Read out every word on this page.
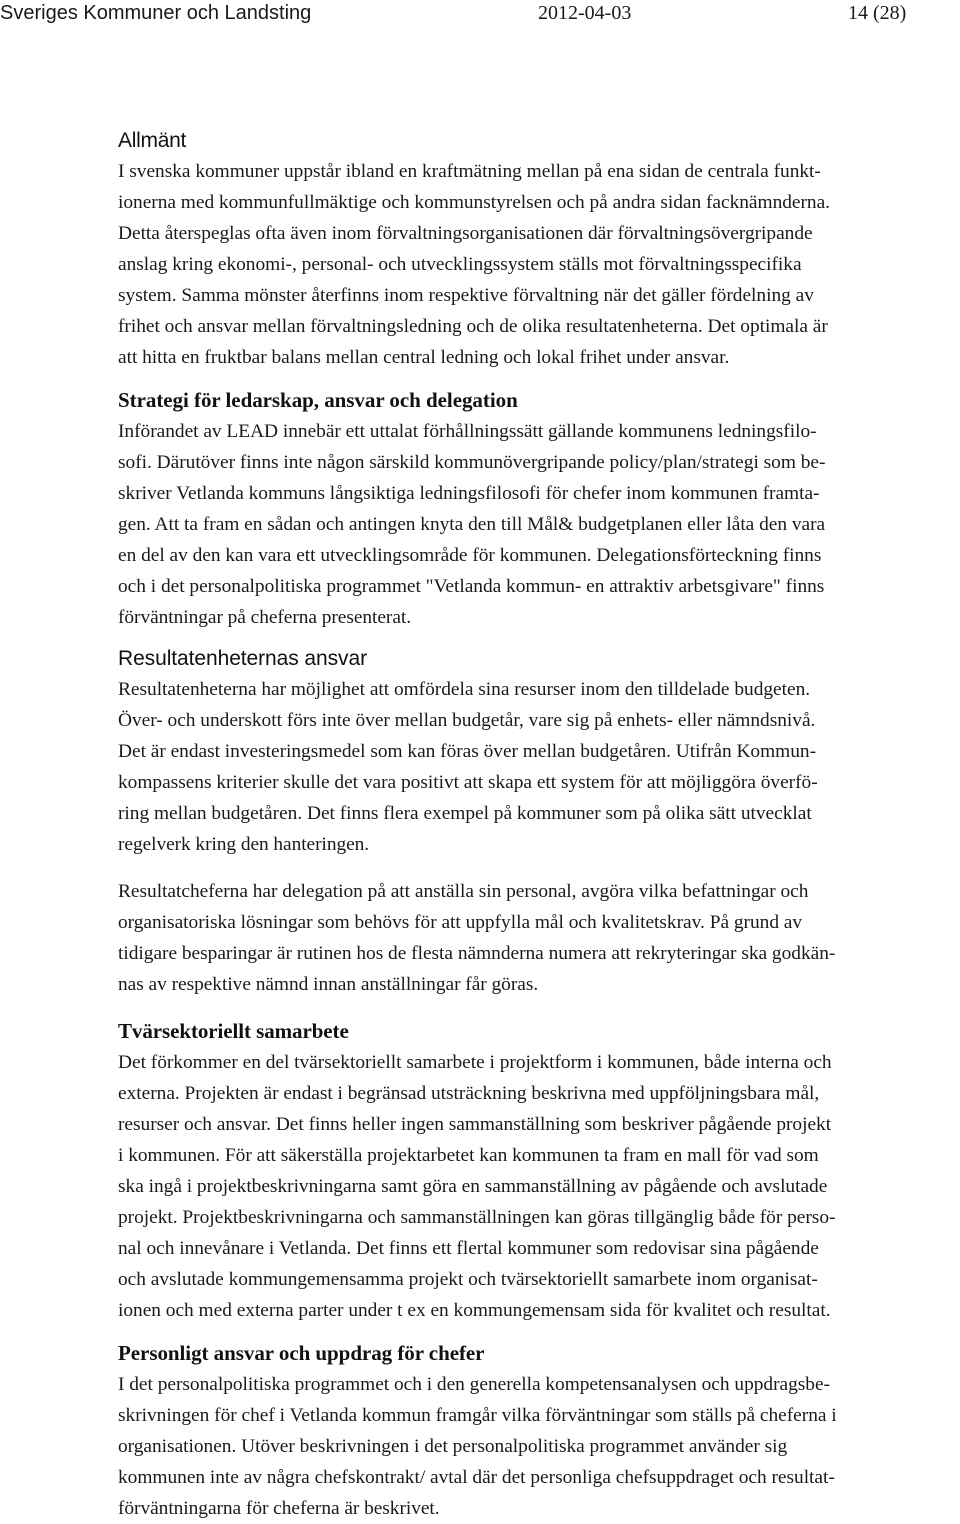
Sveriges Kommuner och Landsting	2012-04-03	14 (28)
Allmänt
I svenska kommuner uppstår ibland en kraftmätning mellan på ena sidan de centrala funkt-
ionerna med kommunfullmäktige och kommunstyrelsen och på andra sidan facknämnderna.
Detta återspeglas ofta även inom förvaltningsorganisationen där förvaltningsövergripande
anslag kring ekonomi-, personal- och utvecklingssystem ställs mot förvaltningsspecifika
system. Samma mönster återfinns inom respektive förvaltning när det gäller fördelning av
frihet och ansvar mellan förvaltningsledning och de olika resultatenheterna. Det optimala är
att hitta en fruktbar balans mellan central ledning och lokal frihet under ansvar.
Strategi för ledarskap, ansvar och delegation
Införandet av LEAD innebär ett uttalat förhållningssätt gällande kommunens ledningsfilo-
sofi. Därutöver finns inte någon särskild kommunövergripande policy/plan/strategi som be-
skriver Vetlanda kommuns långsiktiga ledningsfilosofi för chefer inom kommunen framta-
gen. Att ta fram en sådan och antingen knyta den till Mål& budgetplanen eller låta den vara
en del av den kan vara ett utvecklingsområde för kommunen. Delegationsförteckning finns
och i det personalpolitiska programmet "Vetlanda kommun- en attraktiv arbetsgivare" finns
förväntningar på cheferna presenterat.
Resultatenheternas ansvar
Resultatenheterna har möjlighet att omfördela sina resurser inom den tilldelade budgeten.
Över- och underskott förs inte över mellan budgetår, vare sig på enhets- eller nämndsnivå.
Det är endast investeringsmedel som kan föras över mellan budgetåren. Utifrån Kommun-
kompassens kriterier skulle det vara positivt att skapa ett system för att möjliggöra överfö-
ring mellan budgetåren. Det finns flera exempel på kommuner som på olika sätt utvecklat
regelverk kring den hanteringen.
Resultatcheferna har delegation på att anställa sin personal, avgöra vilka befattningar och
organisatoriska lösningar som behövs för att uppfylla mål och kvalitetskrav. På grund av
tidigare besparingar är rutinen hos de flesta nämnderna numera att rekryteringar ska godkän-
nas av respektive nämnd innan anställningar får göras.
Tvärsektoriellt samarbete
Det förkommer en del tvärsektoriellt samarbete i projektform i kommunen, både interna och
externa. Projekten är endast i begränsad utsträckning beskrivna med uppföljningsbara mål,
resurser och ansvar. Det finns heller ingen sammanställning som beskriver pågående projekt
i kommunen. För att säkerställa projektarbetet kan kommunen ta fram en mall för vad som
ska ingå i projektbeskrivningarna samt göra en sammanställning av pågående och avslutade
projekt. Projektbeskrivningarna och sammanställningen kan göras tillgänglig både för perso-
nal och innevånare i Vetlanda. Det finns ett flertal kommuner som redovisar sina pågående
och avslutade kommungemensamma projekt och tvärsektoriellt samarbete inom organisat-
ionen och med externa parter under t ex en kommungemensam sida för kvalitet och resultat.
Personligt ansvar och uppdrag för chefer
I det personalpolitiska programmet och i den generella kompetensanalysen och uppdragsbe-
skrivningen för chef i Vetlanda kommun framgår vilka förväntningar som ställs på cheferna i
organisationen. Utöver beskrivningen i det personalpolitiska programmet använder sig
kommunen inte av några chefskontrakt/ avtal där det personliga chefsuppdraget och resultat-
förväntningarna för cheferna är beskrivet.
